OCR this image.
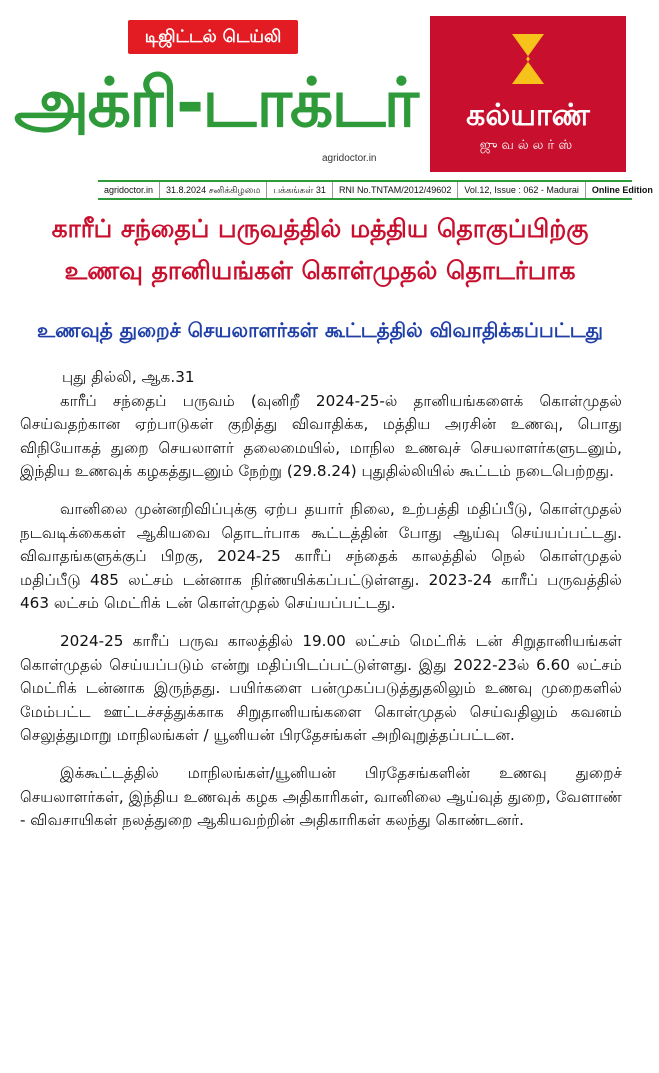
டிஜிட்டல் டெய்லி
அக்ரி-டாக்டர்
agridoctor.in
கல்யாண்
ஜுவல்லர்ஸ்
agridoctor.in	31.8.2024 சனிக்கிழமை	பக்கங்கள் 31	RNI No.TNTAM/2012/49602	Vol.12, Issue : 062 - Madurai	Online Edition
காரீப் சந்தைப் பருவத்தில் மத்திய தொகுப்பிற்கு
உணவு தானியங்கள் கொள்முதல் தொடர்பாக
உணவுத் துறைச் செயலாளர்கள் கூட்டத்தில் விவாதிக்கப்பட்டது

புது தில்லி, ஆக.31

காரீப் சந்தைப் பருவம் (வுனிறீ 2024-25-ல் தானியங்களைக் கொள்முதல் செய்வதற்கான ஏற்பாடுகள் குறித்து விவாதிக்க, மத்திய அரசின் உணவு, பொது விநியோகத் துறை செயலாளர் தலைமையில், மாநில உணவுச் செயலாளர்களுடனும், இந்திய உணவுக் கழகத்துடனும் நேற்று (29.8.24) புதுதில்லியில் கூட்டம் நடைபெற்றது.

வானிலை முன்னறிவிப்புக்கு ஏற்ப தயார் நிலை, உற்பத்தி மதிப்பீடு, கொள்முதல் நடவடிக்கைகள் ஆகியவை தொடர்பாக கூட்டத்தின் போது ஆய்வு செய்யப்பட்டது. விவாதங்களுக்குப் பிறகு, 2024-25 காரீப் சந்தைக் காலத்தில் நெல் கொள்முதல் மதிப்பீடு 485 லட்சம் டன்னாக நிர்ணயிக்கப்பட்டுள்ளது. 2023-24 காரீப் பருவத்தில் 463 லட்சம் மெட்ரிக் டன் கொள்முதல் செய்யப்பட்டது.

2024-25 காரீப் பருவ காலத்தில் 19.00 லட்சம் மெட்ரிக் டன் சிறுதானியங்கள் கொள்முதல் செய்யப்படும் என்று மதிப்பிடப்பட்டுள்ளது. இது 2022-23ல் 6.60 லட்சம் மெட்ரிக் டன்னாக இருந்தது. பயிர்களை பன்முகப்படுத்துதலிலும் உணவு முறைகளில் மேம்பட்ட ஊட்டச்சத்துக்காக சிறுதானியங்களை கொள்முதல் செய்வதிலும் கவனம் செலுத்துமாறு மாநிலங்கள் / யூனியன் பிரதேசங்கள் அறிவுறுத்தப்பட்டன.

இக்கூட்டத்தில் மாநிலங்கள்/யூனியன் பிரதேசங்களின் உணவு துறைச் செயலாளர்கள், இந்திய உணவுக் கழக அதிகாரிகள், வானிலை ஆய்வுத் துறை, வேளாண் - விவசாயிகள் நலத்துறை ஆகியவற்றின் அதிகாரிகள் கலந்து கொண்டனர்.
